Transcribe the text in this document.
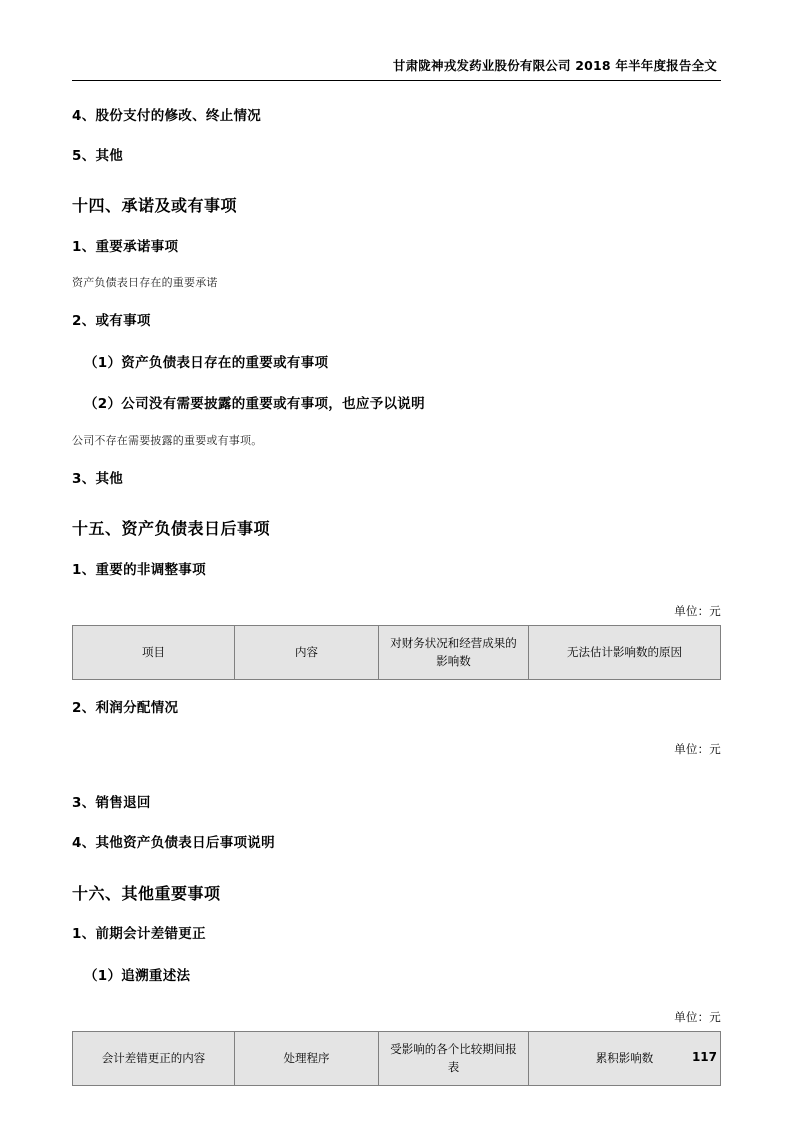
甘肃陇神戎发药业股份有限公司 2018 年半年度报告全文

4、股份支付的修改、终止情况

5、其他

十四、承诺及或有事项

1、重要承诺事项

资产负债表日存在的重要承诺

2、或有事项

（1）资产负债表日存在的重要或有事项

（2）公司没有需要披露的重要或有事项，也应予以说明

公司不存在需要披露的重要或有事项。

3、其他

十五、资产负债表日后事项

1、重要的非调整事项

单位：元

项目	内容	对财务状况和经营成果的影响数	无法估计影响数的原因

2、利润分配情况

单位：元

3、销售退回

4、其他资产负债表日后事项说明

十六、其他重要事项

1、前期会计差错更正

（1）追溯重述法

单位：元

会计差错更正的内容	处理程序	受影响的各个比较期间报表	累积影响数	117
